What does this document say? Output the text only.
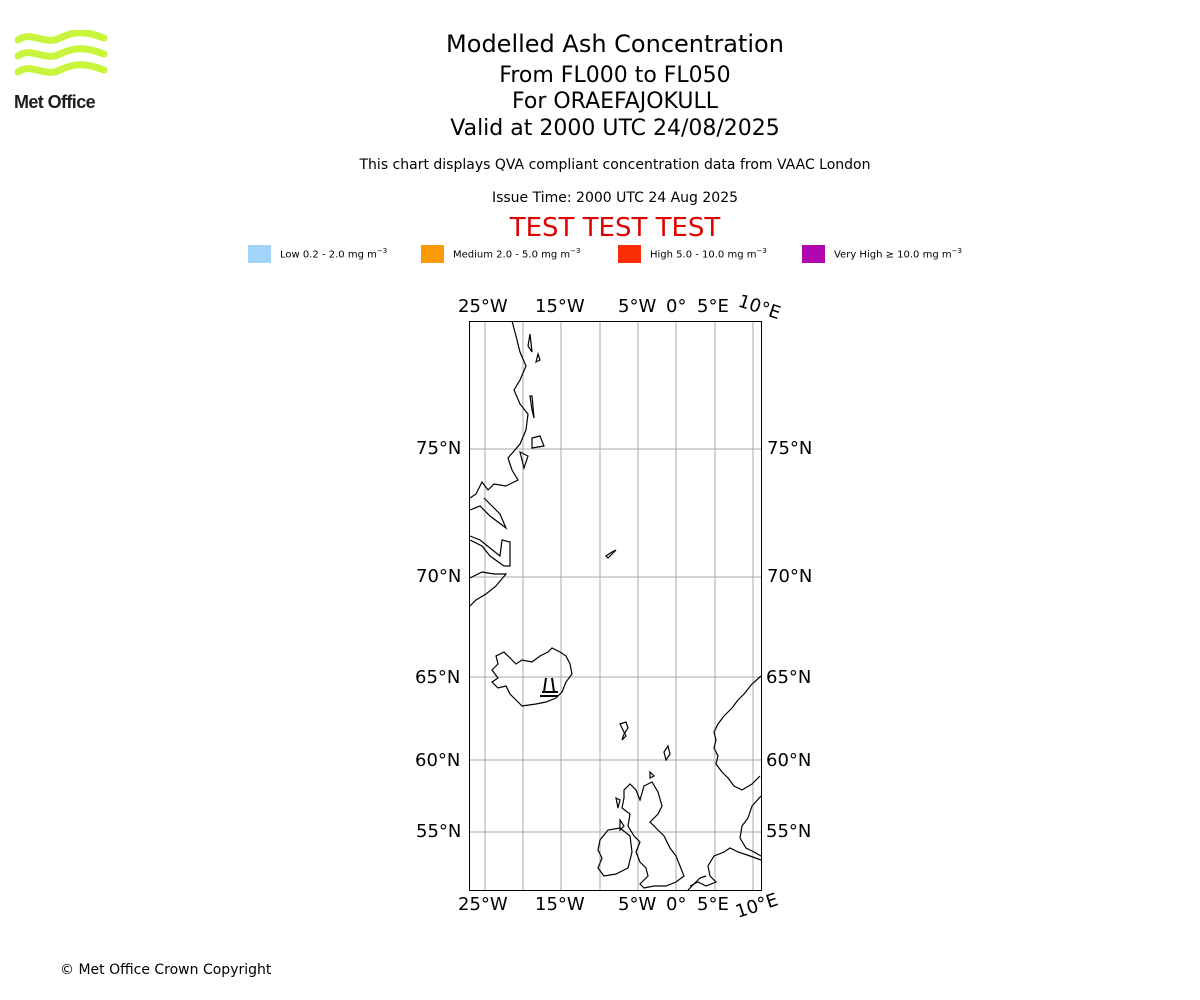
Met Office
Modelled Ash Concentration
From FL000 to FL050
For ORAEFAJOKULL
Valid at 2000 UTC 24/08/2025
This chart displays QVA compliant concentration data from VAAC London
Issue Time: 2000 UTC 24 Aug 2025
TEST TEST TEST
Low 0.2 - 2.0 mg $m^{-3}$	Medium 2.0 - 5.0 mg $m^{-3}$	High 5.0 - 10.0 mg $m^{-3}$	Very High ≥ 10.0 mg $m^{-3}$
25°W 15°W 5°W 0° 5°E 10°E
25°W 15°W 5°W 0° 5°E 10°E
75°N
70°N
65°N
60°N
55°N
75°N
70°N
65°N
60°N
55°N
© Met Office Crown Copyright
